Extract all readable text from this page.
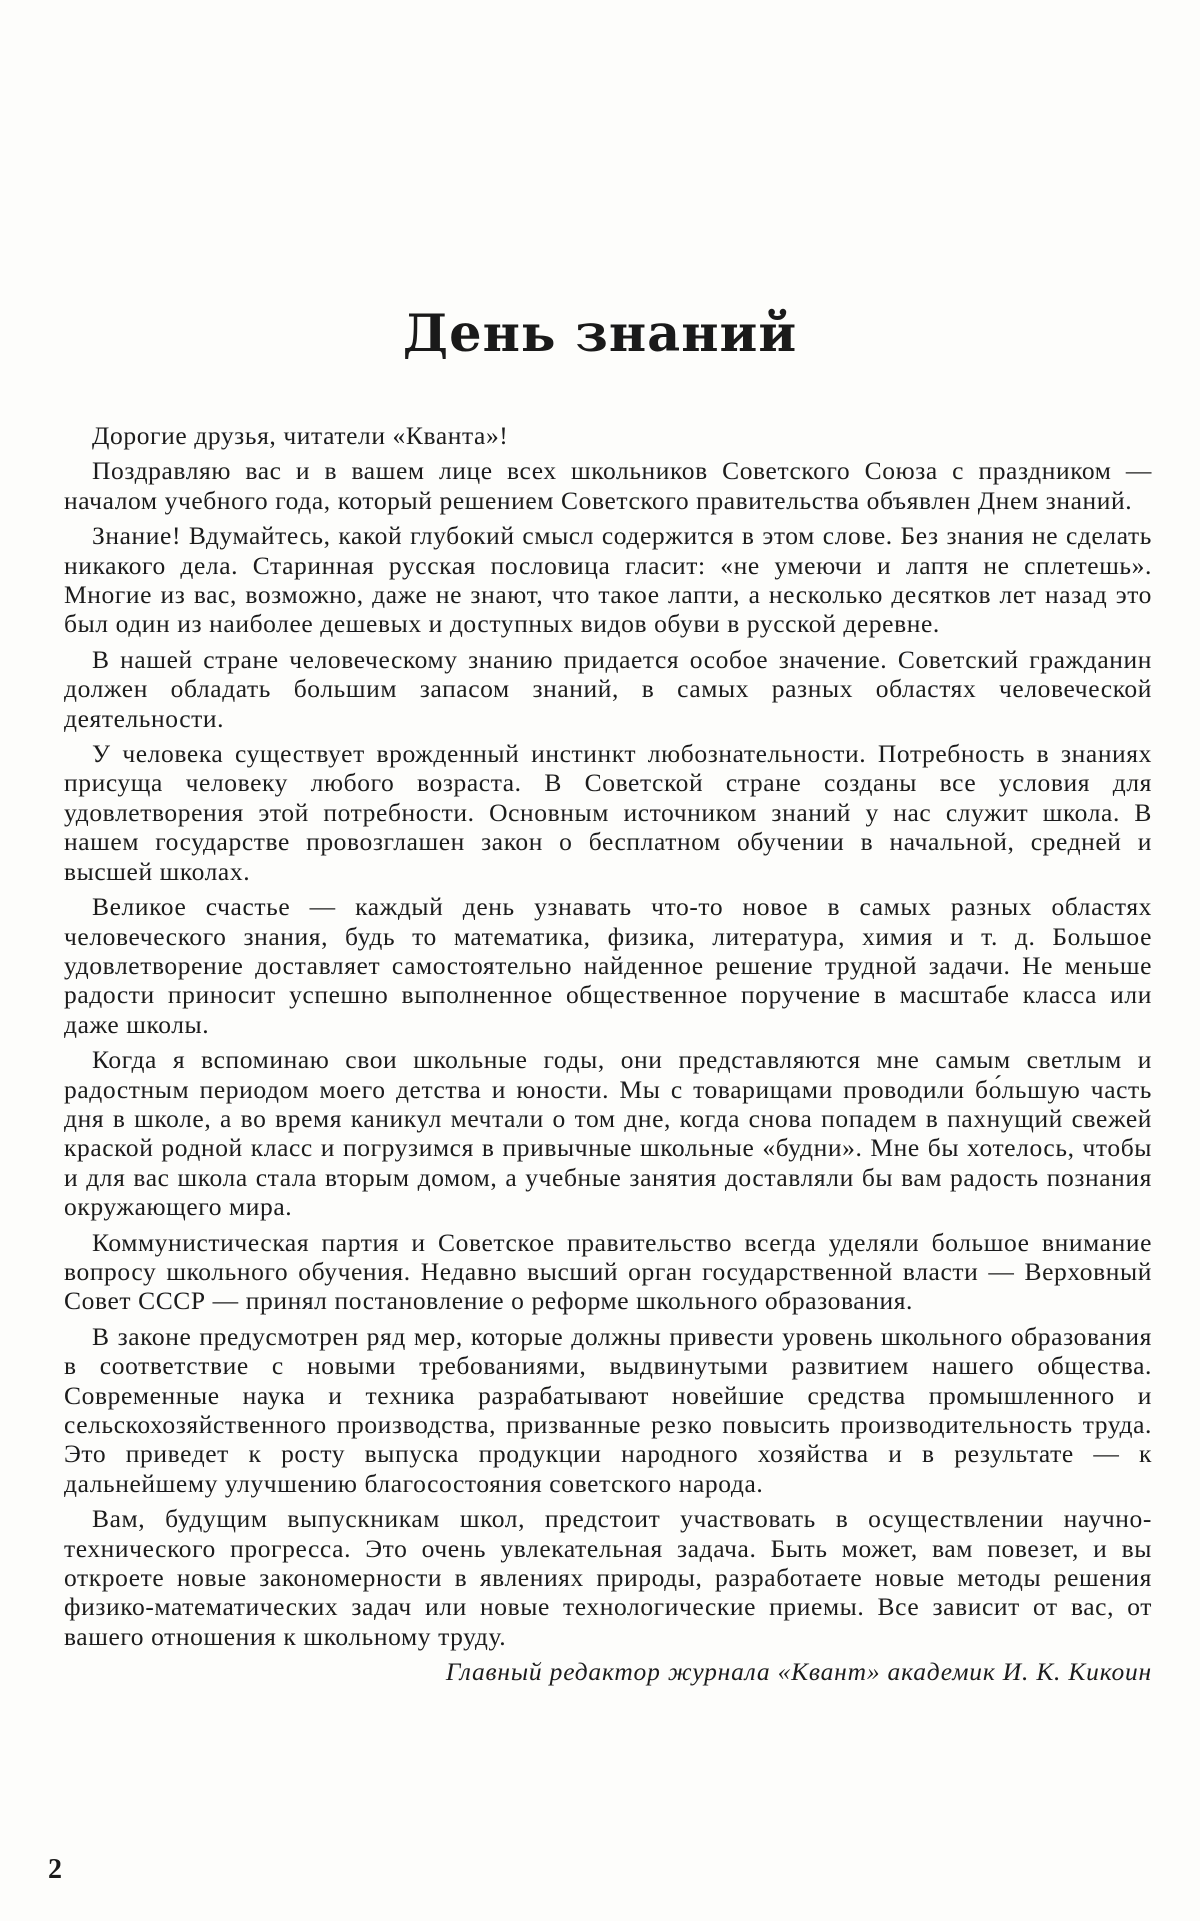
День знаний

Дорогие друзья, читатели «Кванта»!

Поздравляю вас и в вашем лице всех школьников Советского Союза с праздником — началом учебного года, который решением Советского правительства объявлен Днем знаний.

Знание! Вдумайтесь, какой глубокий смысл содержится в этом слове. Без знания не сделать никакого дела. Старинная русская пословица гласит: «не умеючи и лаптя не сплетешь». Многие из вас, возможно, даже не знают, что такое лапти, а несколько десятков лет назад это был один из наиболее дешевых и доступных видов обуви в русской деревне.

В нашей стране человеческому знанию придается особое значение. Советский гражданин должен обладать большим запасом знаний, в самых разных областях человеческой деятельности.

У человека существует врожденный инстинкт любознательности. Потребность в знаниях присуща человеку любого возраста. В Советской стране созданы все условия для удовлетворения этой потребности. Основным источником знаний у нас служит школа. В нашем государстве провозглашен закон о бесплатном обучении в начальной, средней и высшей школах.

Великое счастье — каждый день узнавать что-то новое в самых разных областях человеческого знания, будь то математика, физика, литература, химия и т. д. Большое удовлетворение доставляет самостоятельно найденное решение трудной задачи. Не меньше радости приносит успешно выполненное общественное поручение в масштабе класса или даже школы.

Когда я вспоминаю свои школьные годы, они представляются мне самым светлым и радостным периодом моего детства и юности. Мы с товарищами проводили бо́льшую часть дня в школе, а во время каникул мечтали о том дне, когда снова попадем в пахнущий свежей краской родной класс и погрузимся в привычные школьные «будни». Мне бы хотелось, чтобы и для вас школа стала вторым домом, а учебные занятия доставляли бы вам радость познания окружающего мира.

Коммунистическая партия и Советское правительство всегда уделяли большое внимание вопросу школьного обучения. Недавно высший орган государственной власти — Верховный Совет СССР — принял постановление о реформе школьного образования.

В законе предусмотрен ряд мер, которые должны привести уровень школьного образования в соответствие с новыми требованиями, выдвинутыми развитием нашего общества. Современные наука и техника разрабатывают новейшие средства промышленного и сельскохозяйственного производства, призванные резко повысить производительность труда. Это приведет к росту выпуска продукции народного хозяйства и в результате — к дальнейшему улучшению благосостояния советского народа.

Вам, будущим выпускникам школ, предстоит участвовать в осуществлении научно-технического прогресса. Это очень увлекательная задача. Быть может, вам повезет, и вы откроете новые закономерности в явлениях природы, разработаете новые методы решения физико-математических задач или новые технологические приемы. Все зависит от вас, от вашего отношения к школьному труду.

Главный редактор журнала «Квант» академик И. К. Кикоин
2
